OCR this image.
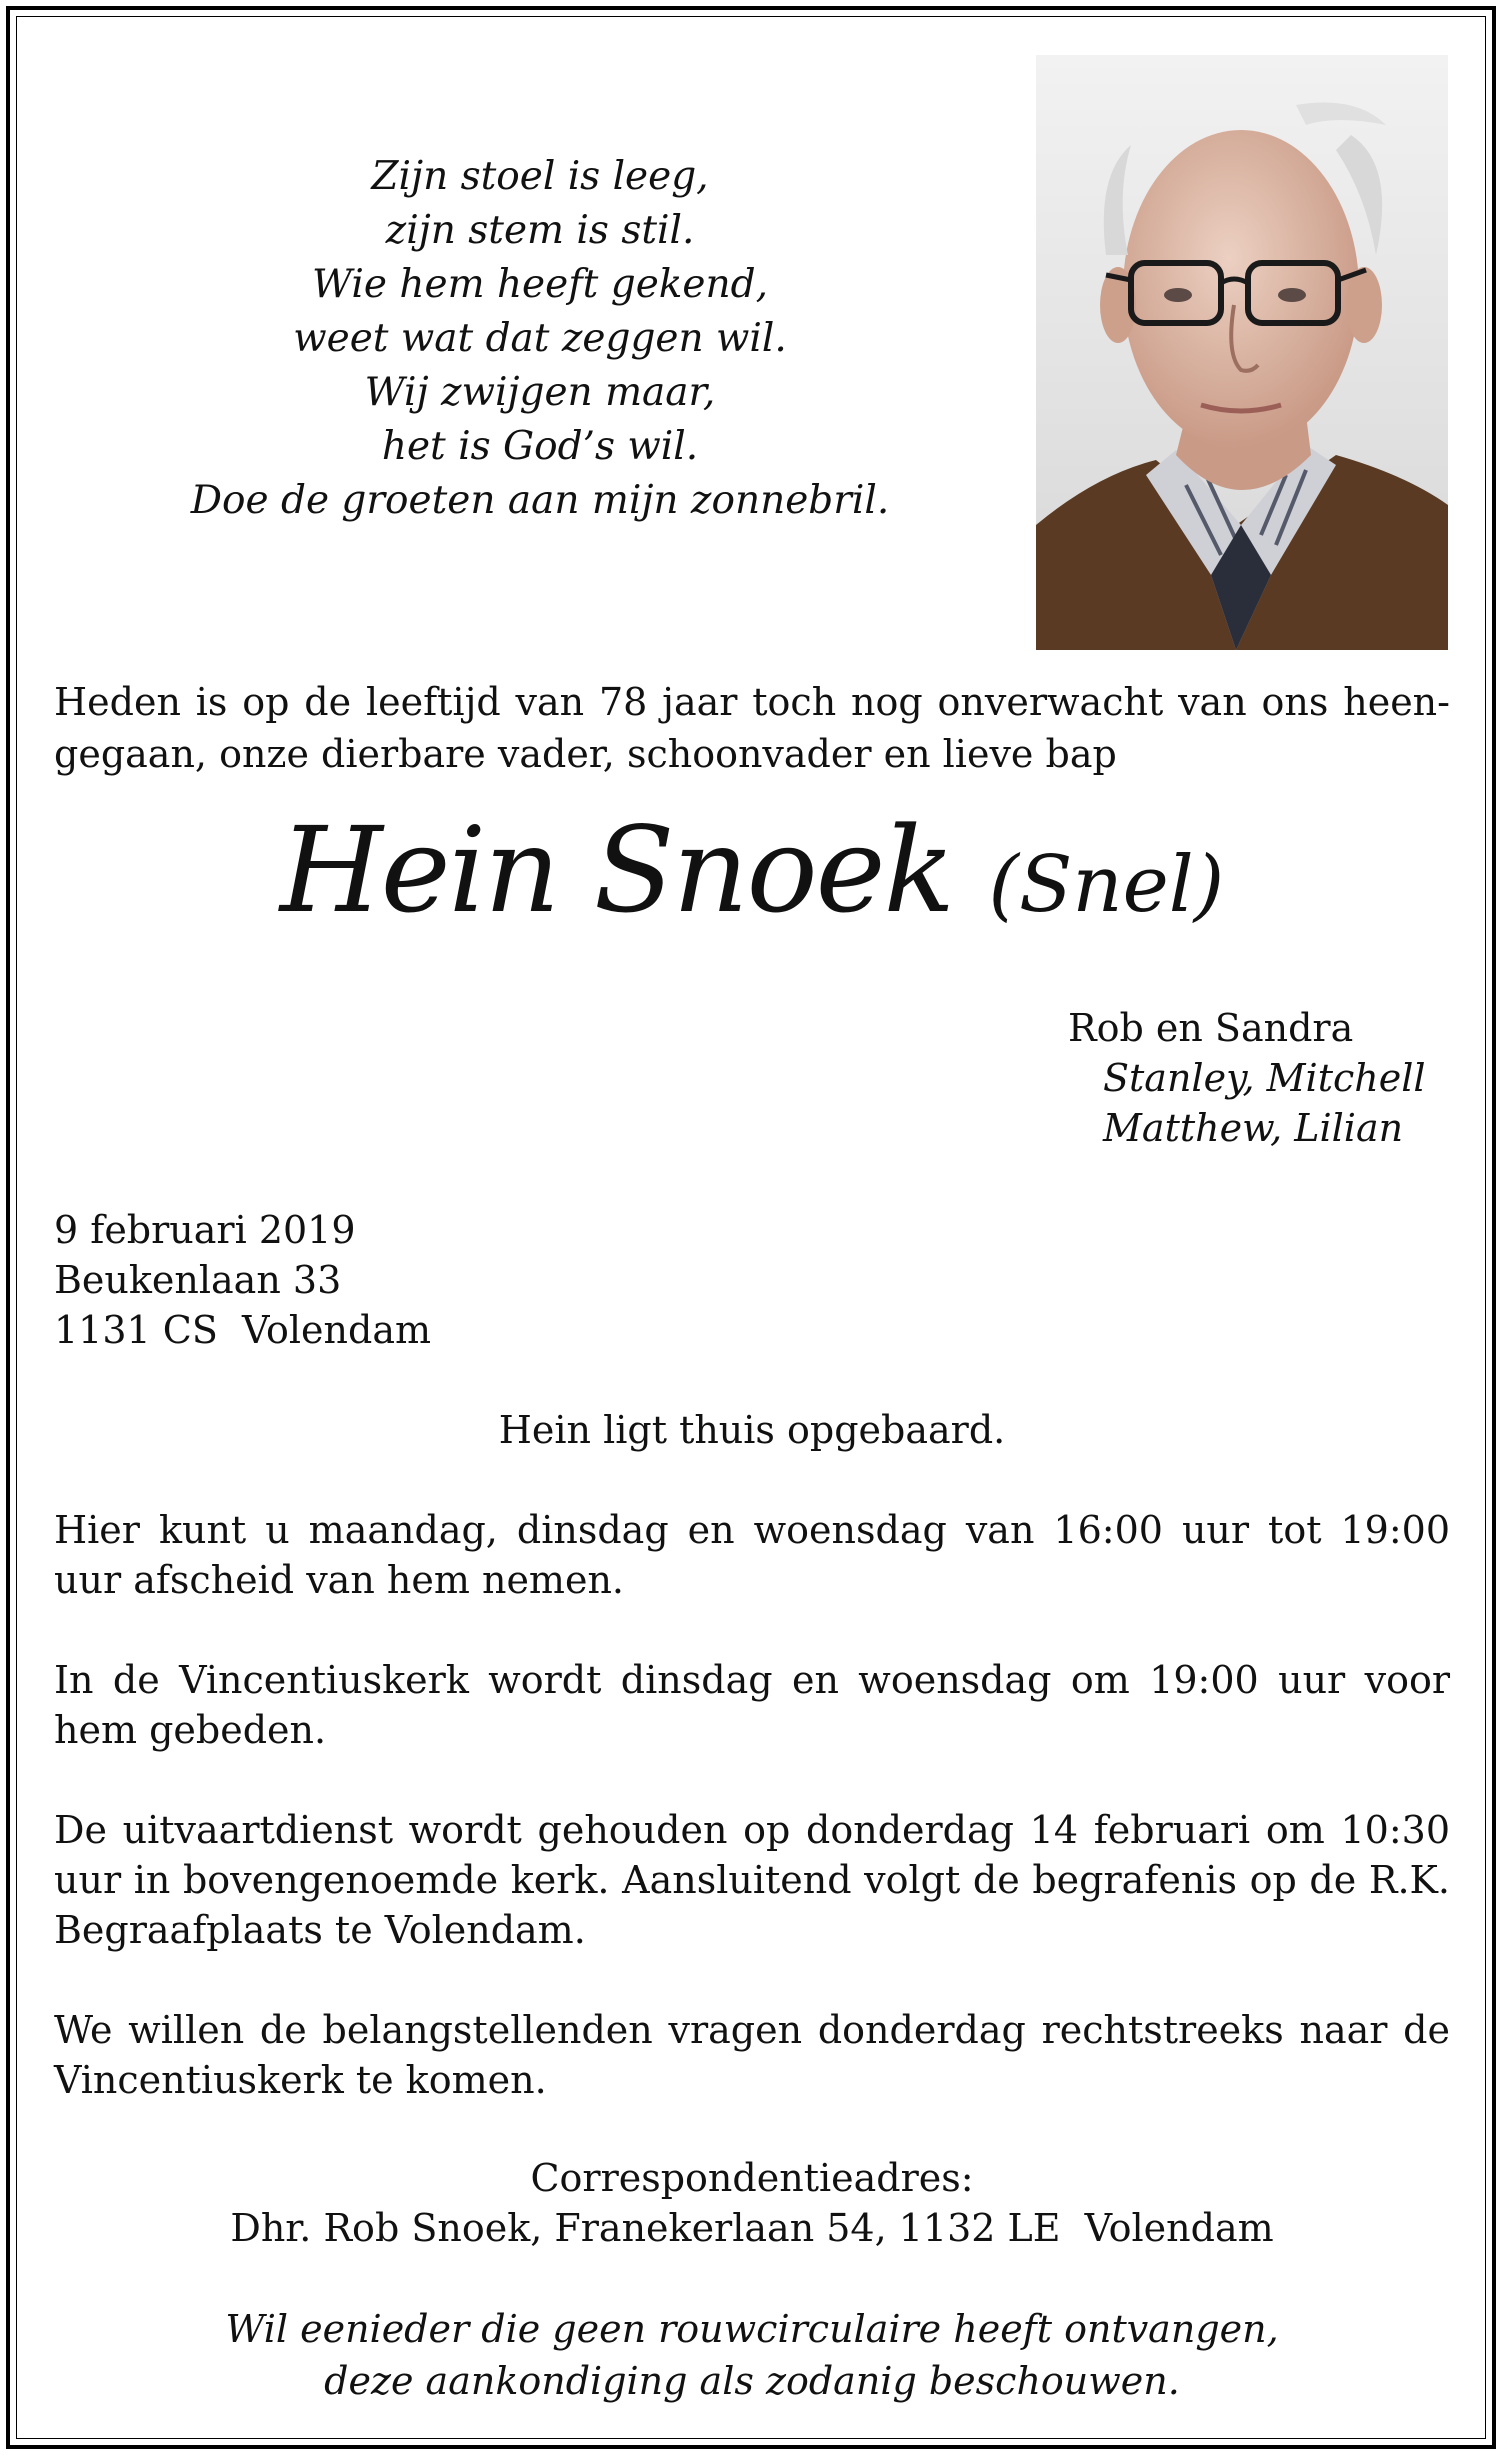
Zijn stoel is leeg,
zijn stem is stil.
Wie hem heeft gekend,
weet wat dat zeggen wil.
Wij zwijgen maar,
het is God’s wil.
Doe de groeten aan mijn zonnebril.
Heden is op de leeftijd van 78 jaar toch nog onverwacht van ons heen-gegaan, onze dierbare vader, schoonvader en lieve bap
Hein Snoek (Snel)
Rob en Sandra
Stanley, Mitchell
Matthew, Lilian
9 februari 2019
Beukenlaan 33
1131 CS  Volendam
Hein ligt thuis opgebaard.
Hier kunt u maandag, dinsdag en woensdag van 16:00 uur tot 19:00 uur afscheid van hem nemen.
In de Vincentiuskerk wordt dinsdag en woensdag om 19:00 uur voor hem gebeden.
De uitvaartdienst wordt gehouden op donderdag 14 februari om 10:30 uur in bovengenoemde kerk. Aansluitend volgt de begrafenis op de R.K. Begraafplaats te Volendam.
We willen de belangstellenden vragen donderdag rechtstreeks naar de Vincentiuskerk te komen.
Correspondentieadres:
Dhr. Rob Snoek, Franekerlaan 54, 1132 LE  Volendam
Wil eenieder die geen rouwcirculaire heeft ontvangen,
deze aankondiging als zodanig beschouwen.
